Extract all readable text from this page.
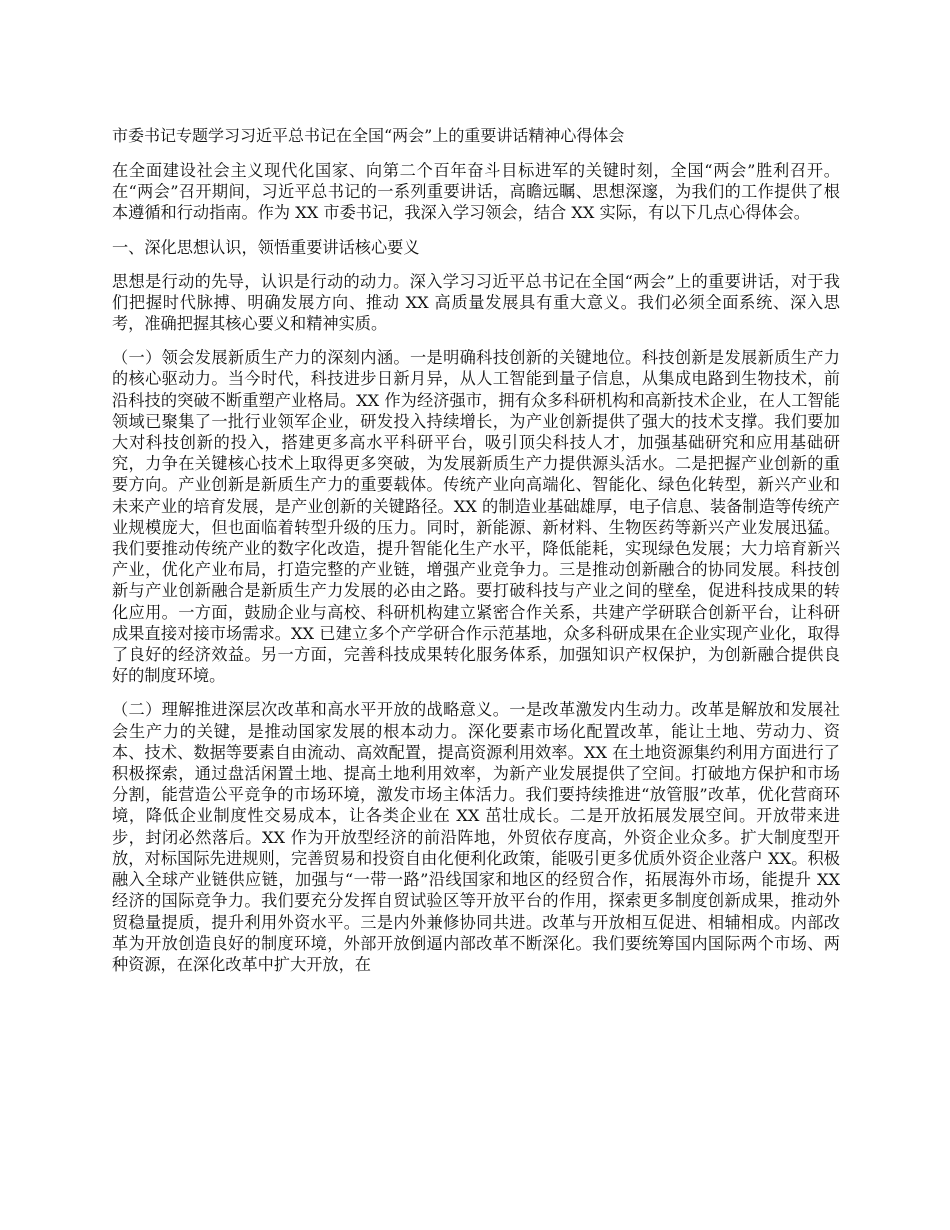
市委书记专题学习习近平总书记在全国“两会”上的重要讲话精神心得体会

在全面建设社会主义现代化国家、向第二个百年奋斗目标进军的关键时刻，全国“两会”胜利召开。在“两会”召开期间，习近平总书记的一系列重要讲话，高瞻远瞩、思想深邃，为我们的工作提供了根本遵循和行动指南。作为 XX 市委书记，我深入学习领会，结合 XX 实际，有以下几点心得体会。

一、深化思想认识，领悟重要讲话核心要义

思想是行动的先导，认识是行动的动力。深入学习习近平总书记在全国“两会”上的重要讲话，对于我们把握时代脉搏、明确发展方向、推动 XX 高质量发展具有重大意义。我们必须全面系统、深入思考，准确把握其核心要义和精神实质。

（一）领会发展新质生产力的深刻内涵。一是明确科技创新的关键地位。科技创新是发展新质生产力的核心驱动力。当今时代，科技进步日新月异，从人工智能到量子信息，从集成电路到生物技术，前沿科技的突破不断重塑产业格局。XX 作为经济强市，拥有众多科研机构和高新技术企业，在人工智能领域已聚集了一批行业领军企业，研发投入持续增长，为产业创新提供了强大的技术支撑。我们要加大对科技创新的投入，搭建更多高水平科研平台，吸引顶尖科技人才，加强基础研究和应用基础研究，力争在关键核心技术上取得更多突破，为发展新质生产力提供源头活水。二是把握产业创新的重要方向。产业创新是新质生产力的重要载体。传统产业向高端化、智能化、绿色化转型，新兴产业和未来产业的培育发展，是产业创新的关键路径。XX 的制造业基础雄厚，电子信息、装备制造等传统产业规模庞大，但也面临着转型升级的压力。同时，新能源、新材料、生物医药等新兴产业发展迅猛。我们要推动传统产业的数字化改造，提升智能化生产水平，降低能耗，实现绿色发展；大力培育新兴产业，优化产业布局，打造完整的产业链，增强产业竞争力。三是推动创新融合的协同发展。科技创新与产业创新融合是新质生产力发展的必由之路。要打破科技与产业之间的壁垒，促进科技成果的转化应用。一方面，鼓励企业与高校、科研机构建立紧密合作关系，共建产学研联合创新平台，让科研成果直接对接市场需求。XX 已建立多个产学研合作示范基地，众多科研成果在企业实现产业化，取得了良好的经济效益。另一方面，完善科技成果转化服务体系，加强知识产权保护，为创新融合提供良好的制度环境。

（二）理解推进深层次改革和高水平开放的战略意义。一是改革激发内生动力。改革是解放和发展社会生产力的关键，是推动国家发展的根本动力。深化要素市场化配置改革，能让土地、劳动力、资本、技术、数据等要素自由流动、高效配置，提高资源利用效率。XX 在土地资源集约利用方面进行了积极探索，通过盘活闲置土地、提高土地利用效率，为新产业发展提供了空间。打破地方保护和市场分割，能营造公平竞争的市场环境，激发市场主体活力。我们要持续推进“放管服”改革，优化营商环境，降低企业制度性交易成本，让各类企业在 XX 茁壮成长。二是开放拓展发展空间。开放带来进步，封闭必然落后。XX 作为开放型经济的前沿阵地，外贸依存度高，外资企业众多。扩大制度型开放，对标国际先进规则，完善贸易和投资自由化便利化政策，能吸引更多优质外资企业落户 XX。积极融入全球产业链供应链，加强与“一带一路”沿线国家和地区的经贸合作，拓展海外市场，能提升 XX 经济的国际竞争力。我们要充分发挥自贸试验区等开放平台的作用，探索更多制度创新成果，推动外贸稳量提质，提升利用外资水平。三是内外兼修协同共进。改革与开放相互促进、相辅相成。内部改革为开放创造良好的制度环境，外部开放倒逼内部改革不断深化。我们要统筹国内国际两个市场、两种资源，在深化改革中扩大开放，在
